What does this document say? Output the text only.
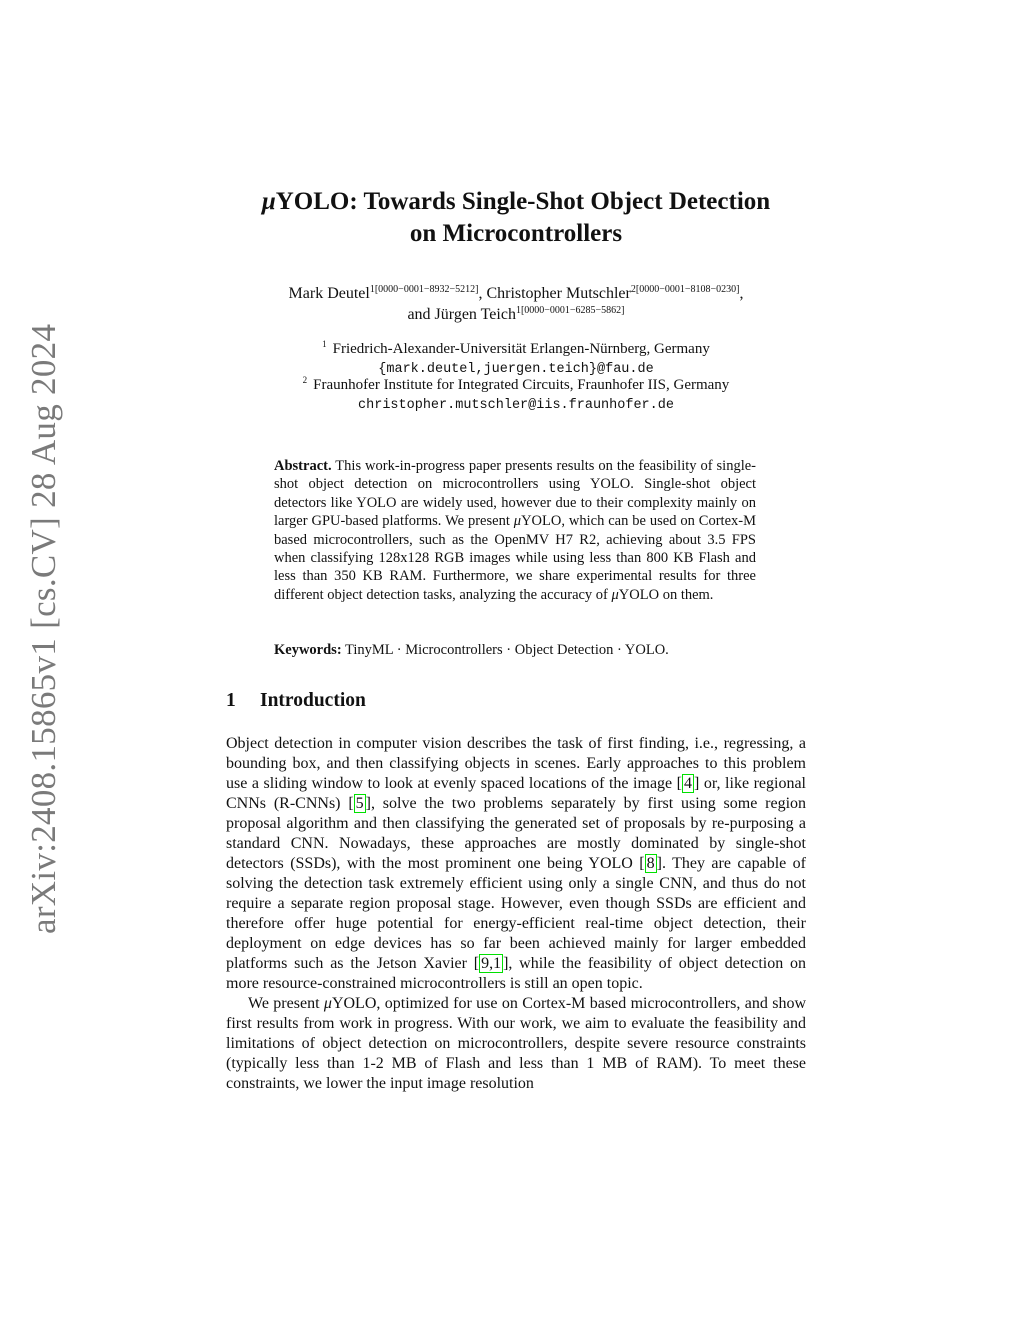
arXiv:2408.15865v1 [cs.CV] 28 Aug 2024
μYOLO: Towards Single-Shot Object Detection
on Microcontrollers
Mark Deutel$^{1[0000-0001-8932-5212]}$, Christopher Mutschler$^{2[0000-0001-8108-0230]}$,
and Jürgen Teich$^{1[0000-0001-6285-5862]}$
$^1$ Friedrich-Alexander-Universität Erlangen-Nürnberg, Germany
{mark.deutel,juergen.teich}@fau.de
$^2$ Fraunhofer Institute for Integrated Circuits, Fraunhofer IIS, Germany
christopher.mutschler@iis.fraunhofer.de
Abstract. This work-in-progress paper presents results on the feasibility of single-shot object detection on microcontrollers using YOLO. Single-shot object detectors like YOLO are widely used, however due to their complexity mainly on larger GPU-based platforms. We present μYOLO, which can be used on Cortex-M based microcontrollers, such as the OpenMV H7 R2, achieving about 3.5 FPS when classifying 128x128 RGB images while using less than 800 KB Flash and less than 350 KB RAM. Furthermore, we share experimental results for three different object detection tasks, analyzing the accuracy of μYOLO on them.
Keywords: TinyML · Microcontrollers · Object Detection · YOLO.
1 Introduction

Object detection in computer vision describes the task of first finding, i.e., regressing, a bounding box, and then classifying objects in scenes. Early approaches to this problem use a sliding window to look at evenly spaced locations of the image [ 4 ] or, like regional CNNs (R-CNNs) [ 5 ], solve the two problems separately by first using some region proposal algorithm and then classifying the generated set of proposals by re-purposing a standard CNN. Nowadays, these approaches are mostly dominated by single-shot detectors (SSDs), with the most prominent one being YOLO [ 8 ]. They are capable of solving the detection task extremely efficient using only a single CNN, and thus do not require a separate region proposal stage. However, even though SSDs are efficient and therefore offer huge potential for energy-efficient real-time object detection, their deployment on edge devices has so far been achieved mainly for larger embedded platforms such as the Jetson Xavier [ 9,1 ], while the feasibility of object detection on more resource-constrained microcontrollers is still an open topic.

We present μYOLO, optimized for use on Cortex-M based microcontrollers, and show first results from work in progress. With our work, we aim to evaluate the feasibility and limitations of object detection on microcontrollers, despite severe resource constraints (typically less than 1-2 MB of Flash and less than 1 MB of RAM). To meet these constraints, we lower the input image resolution
